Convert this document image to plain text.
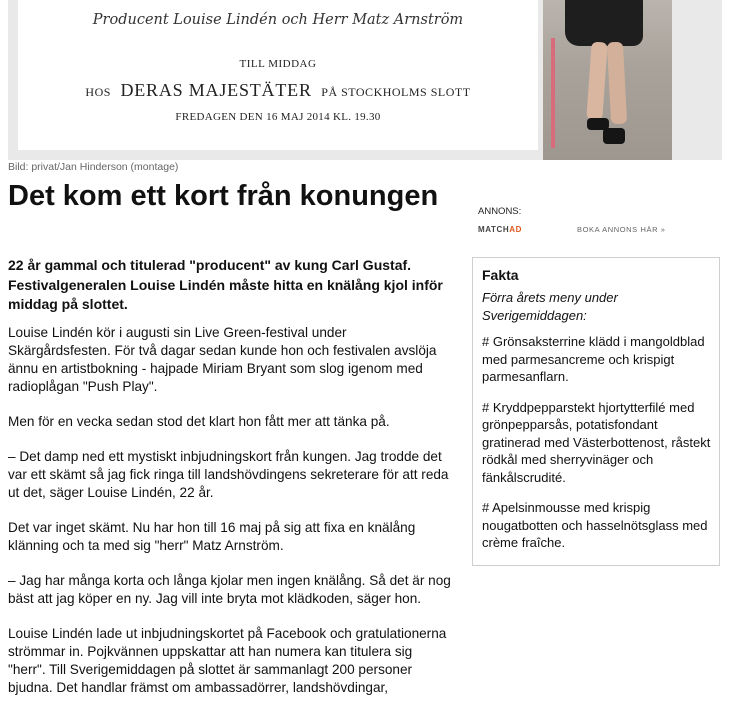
Producent Louise Lindén och Herr Matz Arnström
TILL MIDDAG
HOS DERAS MAJESTÄTER PÅ STOCKHOLMS SLOTT
FREDAGEN DEN 16 MAJ 2014 KL. 19.30
Bild: privat/Jan Hinderson (montage)
Det kom ett kort från konungen

22 år gammal och titulerad "producent" av kung Carl Gustaf. Festivalgeneralen Louise Lindén måste hitta en knälång kjol inför middag på slottet.

Louise Lindén kör i augusti sin Live Green-festival under Skärgårdsfesten. För två dagar sedan kunde hon och festivalen avslöja ännu en artistbokning - hajpade Miriam Bryant som slog igenom med radioplågan "Push Play".

Men för en vecka sedan stod det klart hon fått mer att tänka på.

– Det damp ned ett mystiskt inbjudningskort från kungen. Jag trodde det var ett skämt så jag fick ringa till landshövdingens sekreterare för att reda ut det, säger Louise Lindén, 22 år.

Det var inget skämt. Nu har hon till 16 maj på sig att fixa en knälång klänning och ta med sig "herr" Matz Arnström.

– Jag har många korta och långa kjolar men ingen knälång. Så det är nog bäst att jag köper en ny. Jag vill inte bryta mot klädkoden, säger hon.

Louise Lindén lade ut inbjudningskortet på Facebook och gratulationerna strömmar in. Pojkvännen uppskattar att han numera kan titulera sig "herr". Till Sverigemiddagen på slottet är sammanlagt 200 personer bjudna. Det handlar främst om ambassadörrer, landshövdingar,

ANNONS:
MATCHAD	BOKA ANNONS HÄR »
Fakta
Förra årets meny under Sverigemiddagen:

# Grönsaksterrine klädd i mangoldblad med parmesancreme och krispigt parmesanflarn.

# Kryddpepparstekt hjortytterfilé med grönpepparsås, potatisfondant gratinerad med Västerbottenost, råstekt rödkål med sherryvinäger och fänkålscrudité.

# Apelsinmousse med krispig nougatbotten och hasselnötsglass med crème fraîche.
